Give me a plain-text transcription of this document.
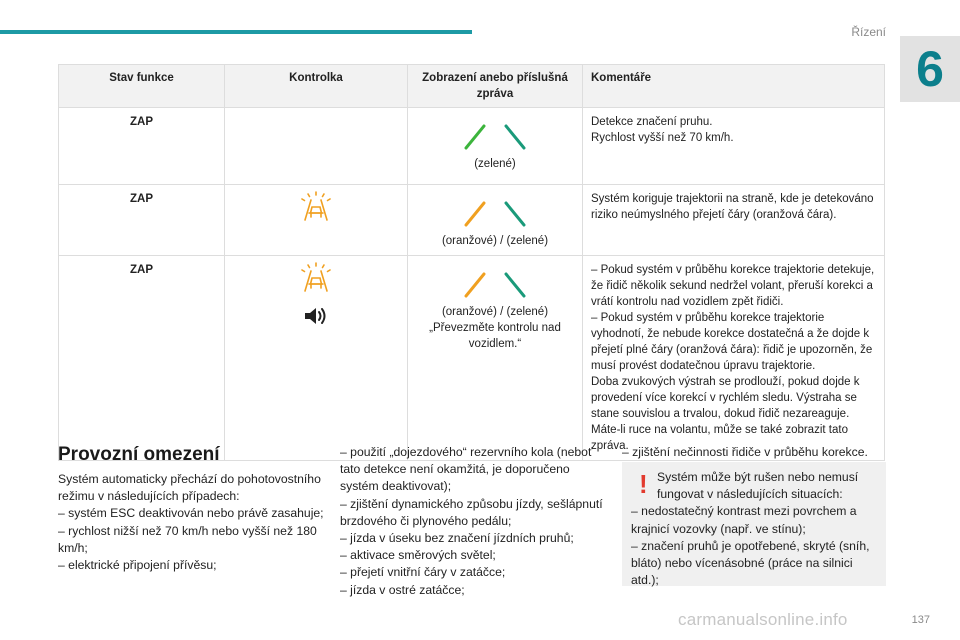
Řízení
6
Stav funkce	Kontrolka	Zobrazení anebo příslušná zpráva	Komentáře
ZAP		(zelené)	Detekce značení pruhu.
Rychlost vyšší než 70 km/h.
ZAP		(oranžové) / (zelené)	Systém koriguje trajektorii na straně, kde je detekováno riziko neúmyslného přejetí čáry (oranžová čára).
ZAP		(oranžové) / (zelené)
„Převezměte kontrolu nad vozidlem.“	– Pokud systém v průběhu korekce trajektorie detekuje, že řidič několik sekund nedržel volant, přeruší korekci a vrátí kontrolu nad vozidlem zpět řidiči.
– Pokud systém v průběhu korekce trajektorie vyhodnotí, že nebude korekce dostatečná a že dojde k přejetí plné čáry (oranžová čára): řidič je upozorněn, že musí provést dodatečnou úpravu trajektorie.
Doba zvukových výstrah se prodlouží, pokud dojde k provedení více korekcí v rychlém sledu. Výstraha se stane souvislou a trvalou, dokud řidič nezareaguje.
Máte-li ruce na volantu, může se také zobrazit tato zpráva.
Provozní omezení

Systém automaticky přechází do pohotovostního režimu v následujících případech:
– systém ESC deaktivován nebo právě zasahuje;
– rychlost nižší než 70 km/h nebo vyšší než 180 km/h;
– elektrické připojení přívěsu;

– použití „dojezdového“ rezervního kola (neboť tato detekce není okamžitá, je doporučeno systém deaktivovat);
– zjištění dynamického způsobu jízdy, sešlápnutí brzdového či plynového pedálu;
– jízda v úseku bez značení jízdních pruhů;
– aktivace směrových světel;
– přejetí vnitřní čáry v zatáčce;
– jízda v ostré zatáčce;

– zjištění nečinnosti řidiče v průběhu korekce.

! Systém může být rušen nebo nemusí fungovat v následujících situacích:

– nedostatečný kontrast mezi povrchem a krajnicí vozovky (např. ve stínu);
– značení pruhů je opotřebené, skryté (sníh, bláto) nebo vícenásobné (práce na silnici atd.);

137
carmanualsonline.info
